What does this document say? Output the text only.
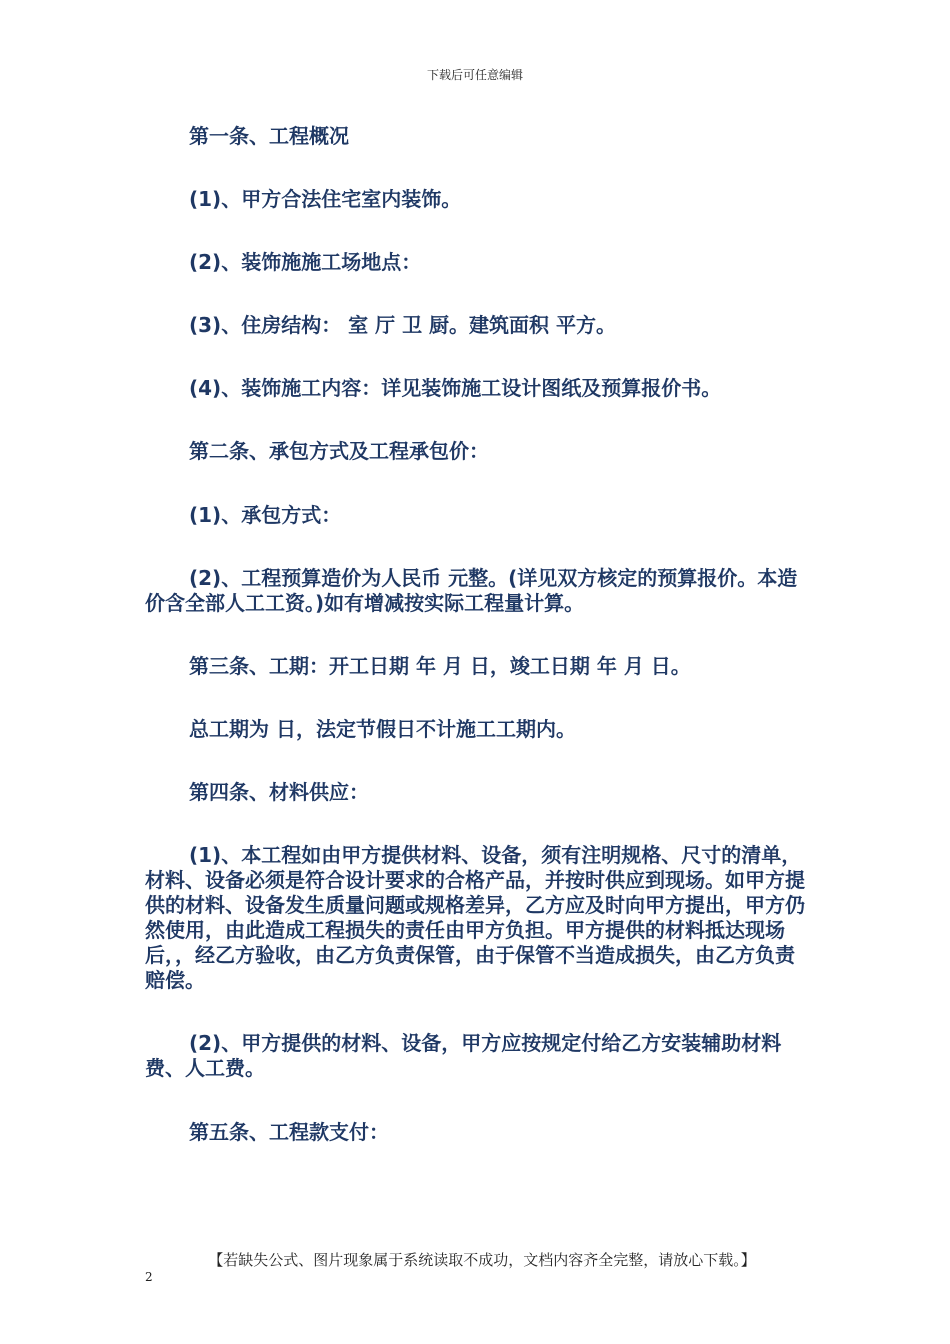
下载后可任意编辑

第一条、工程概况

(1)、甲方合法住宅室内装饰。

(2)、装饰施施工场地点：

(3)、住房结构： 室 厅 卫 厨。建筑面积 平方。

(4)、装饰施工内容：详见装饰施工设计图纸及预算报价书。

第二条、承包方式及工程承包价：

(1)、承包方式：

(2)、工程预算造价为人民币 元整。(详见双方核定的预算报价。本造价含全部人工工资。)如有增减按实际工程量计算。

第三条、工期：开工日期 年 月 日，竣工日期 年 月 日。

总工期为 日，法定节假日不计施工工期内。

第四条、材料供应：

(1)、本工程如由甲方提供材料、设备，须有注明规格、尺寸的清单，材料、设备必须是符合设计要求的合格产品，并按时供应到现场。如甲方提供的材料、设备发生质量问题或规格差异，乙方应及时向甲方提出，甲方仍然使用，由此造成工程损失的责任由甲方负担。甲方提供的材料抵达现场后，，经乙方验收，由乙方负责保管，由于保管不当造成损失，由乙方负责赔偿。

(2)、甲方提供的材料、设备，甲方应按规定付给乙方安装辅助材料费、人工费。

第五条、工程款支付：

【若缺失公式、图片现象属于系统读取不成功，文档内容齐全完整，请放心下载。】
2
